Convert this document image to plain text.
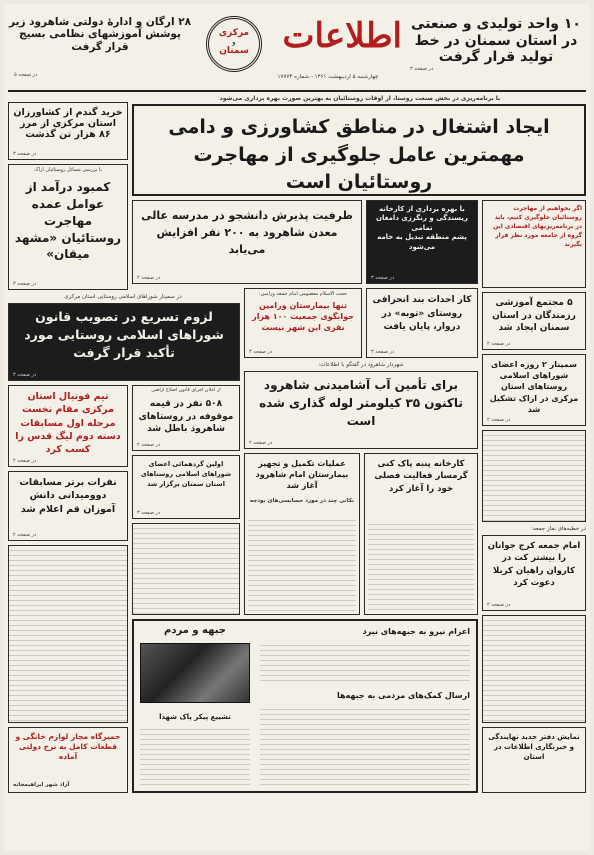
۱۰ واحد تولیدی و صنعتی در استان سمنان در خط تولید قرار گرفت
در صفحه ۳
اطلاعات
مرکزی
و
سمنان
چهارشنبه ۵ اردیبهشت ۱۳۶۱ - شماره ۱۷۷۷۳
۲۸ ارگان و ادارۀ دولتی شاهرود زیر پوشش آموزشهای نظامی بسیج قرار گرفت
در صفحه ۵
با برنامه‌ریزی در بخش صنعت روستا، از اوقات روستائیان به بهترین صورت بهره برداری می‌شود
ایجاد اشتغال در مناطق کشاورزی و دامی مهمترین عامل جلوگیری از مهاجرت روستائیان است
خرید گندم از کشاورزان استان مرکزی از مرز ۸۶ هزار تن گذشت
در صفحه ۳
با بررسی مسائل روستائیان اراک
کمبود درآمد از عوامل عمده مهاجرت روستائیان «مشهد میقان»
در صفحه ۳
در سمینار شوراهای اسلامی روستایی استان مرکزی
لزوم تسریع در تصویب قانون شوراهای اسلامی روستایی مورد تأکید قرار گرفت
در صفحه ۳
تیم فوتبال استان مرکزی مقام نخست مرحله اول مسابقات دسته دوم لیگ قدس را کسب کرد
در صفحه ۲
نفرات برتر مسابقات دوومیدانی دانش آموزان قم اعلام شد
در صفحه ۲
حمیرگاه مجاز لوازم خانگی و قطعات کامل به نرخ دولتی آماده
آزاد شهر ابراهیمخانه
ظرفیت پذیرش دانشجو در مدرسه عالی معدن شاهرود به ۲۰۰ نفر افزایش می‌یابد
در صفحه ۲
با بهره برداری از کارخانه ریسندگی و رنگرزی دامغان تمامی
پشم منطقه تبدیل به خامه می‌شود
در صفحه ۳
حجت الاسلام معصومی امام جمعه ورامین:
تنها بیمارستان ورامین جوابگوی جمعیت ۱۰۰ هزار نفری این شهر نیست
در صفحه ۳
کار احداث بند انحرافی روستای «توبه» در دروار، پایان یافت
در صفحه ۳
از اعلان اجرای قانون اصلاح اراضی
۵۰۸ نفر در قیمه موقوفه در روستاهای شاهرود باطل شد
در صفحه ۲
اولین گردهمائی اعضای شوراهای اسلامی روستاهای استان سمنان برگزار شد
در صفحه ۳
شهردار شاهرود در گفتگو با اطلاعات:
برای تأمین آب آشامیدنی شاهرود تاکنون ۳۵ کیلومتر لوله گذاری شده است
در صفحه ۲
عملیات تکمیل و تجهیز بیمارستان امام شاهرود آغاز شد
نکاتی چند در مورد حسابسی‌های بودجه
کارخانه پنبه پاک کنی گرمسار فعالیت فصلی خود را آغاز کرد
جبهه و مردم	اعزام نیرو به جبهه‌های نبرد
ارسال کمک‌های مردمی به جبهه‌ها
تشییع پیکر پاک شهدا
اگر بخواهیم از مهاجرت روستائیان جلوگیری کنیم، باید در برنامه‌ریزیهای اقتصادی این گروه از جامعه مورد نظر قرار بگیرند
۵ مجتمع آموزشی رزمندگان در استان سمنان ایجاد شد
در صفحه ۲
سمینار ۲ روزه اعضای شوراهای اسلامی روستاهای استان مرکزی در اراک تشکیل شد
در صفحه ۲
در خطبه‌های نماز جمعه:
امام جمعه کرج جوانان را بیشتر کت در کاروان راهیان کربلا دعوت کرد
در صفحه ۲
نمایش دفتر جدید نهایندگی و خبرنگاری اطلاعات در استان
